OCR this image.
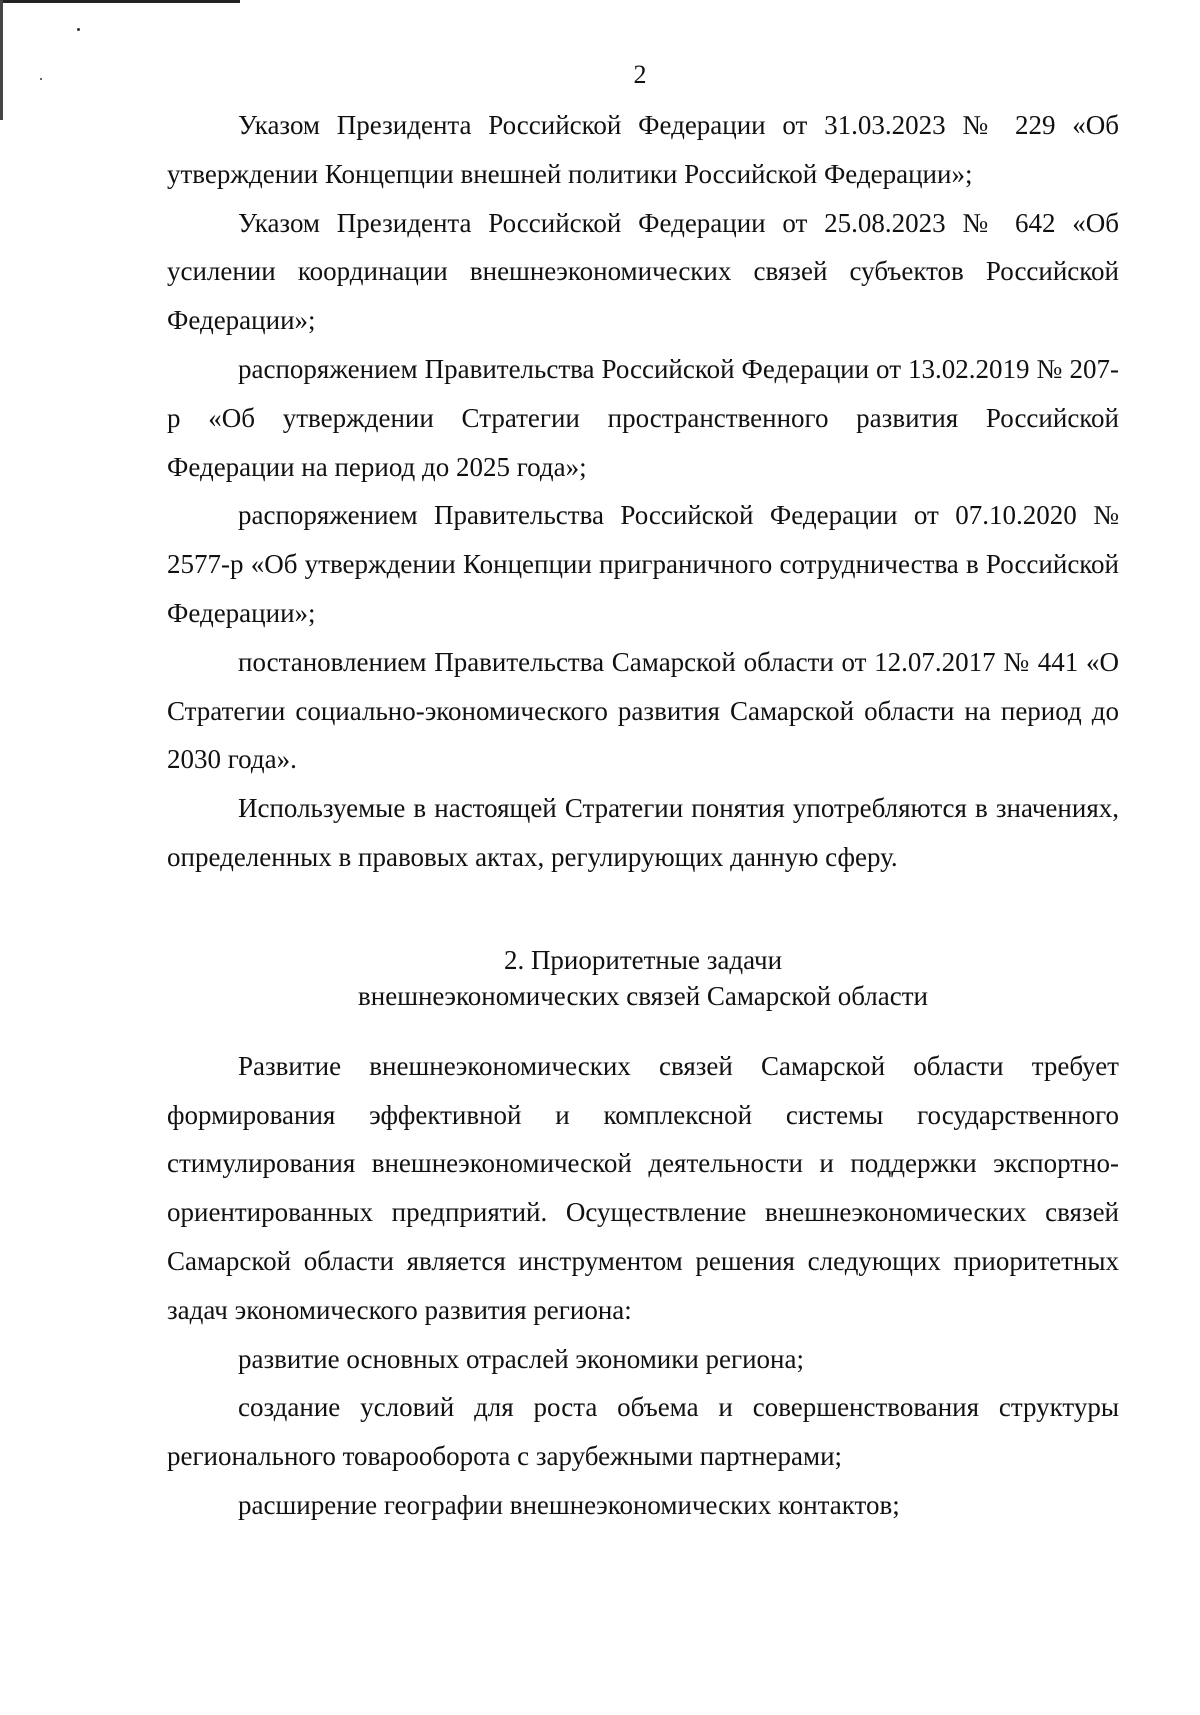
2

Указом Президента Российской Федерации от 31.03.2023 № 229 «Об утверждении Концепции внешней политики Российской Федерации»;

Указом Президента Российской Федерации от 25.08.2023 № 642 «Об усилении координации внешнеэкономических связей субъектов Российской Федерации»;

распоряжением Правительства Российской Федерации от 13.02.2019 № 207-р «Об утверждении Стратегии пространственного развития Российской Федерации на период до 2025 года»;

распоряжением Правительства Российской Федерации от 07.10.2020 № 2577-р «Об утверждении Концепции приграничного сотрудничества в Российской Федерации»;

постановлением Правительства Самарской области от 12.07.2017 № 441 «О Стратегии социально-экономического развития Самарской области на период до 2030 года».

Используемые в настоящей Стратегии понятия употребляются в значениях, определенных в правовых актах, регулирующих данную сферу.

2. Приоритетные задачи
внешнеэкономических связей Самарской области

Развитие внешнеэкономических связей Самарской области требует формирования эффективной и комплексной системы государственного стимулирования внешнеэкономической деятельности и поддержки экспортно-ориентированных предприятий. Осуществление внешнеэкономических связей Самарской области является инструментом решения следующих приоритетных задач экономического развития региона:

развитие основных отраслей экономики региона;

создание условий для роста объема и совершенствования структуры регионального товарооборота с зарубежными партнерами;

расширение географии внешнеэкономических контактов;
